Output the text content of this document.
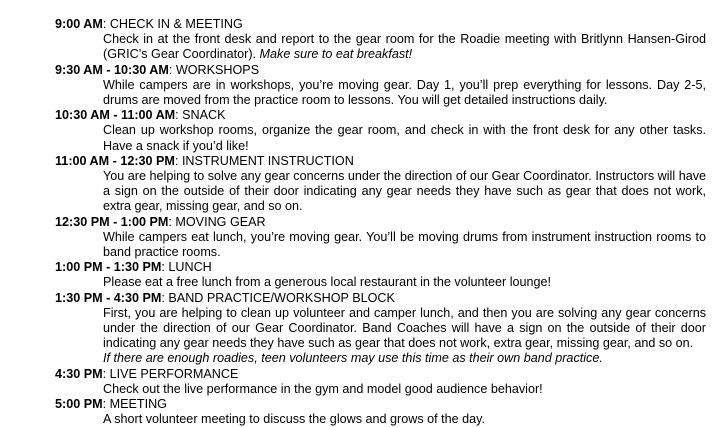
9:00 AM: CHECK IN & MEETING
Check in at the front desk and report to the gear room for the Roadie meeting with Britlynn Hansen-Girod (GRIC’s Gear Coordinator). Make sure to eat breakfast!
9:30 AM - 10:30 AM: WORKSHOPS
While campers are in workshops, you’re moving gear. Day 1, you’ll prep everything for lessons. Day 2-5, drums are moved from the practice room to lessons. You will get detailed instructions daily.
10:30 AM - 11:00 AM: SNACK
Clean up workshop rooms, organize the gear room, and check in with the front desk for any other tasks. Have a snack if you’d like!
11:00 AM - 12:30 PM: INSTRUMENT INSTRUCTION
You are helping to solve any gear concerns under the direction of our Gear Coordinator. Instructors will have a sign on the outside of their door indicating any gear needs they have such as gear that does not work, extra gear, missing gear, and so on.
12:30 PM - 1:00 PM: MOVING GEAR
While campers eat lunch, you’re moving gear. You’ll be moving drums from instrument instruction rooms to band practice rooms.
1:00 PM - 1:30 PM: LUNCH
Please eat a free lunch from a generous local restaurant in the volunteer lounge!
1:30 PM - 4:30 PM: BAND PRACTICE/WORKSHOP BLOCK
First, you are helping to clean up volunteer and camper lunch, and then you are solving any gear concerns under the direction of our Gear Coordinator. Band Coaches will have a sign on the outside of their door indicating any gear needs they have such as gear that does not work, extra gear, missing gear, and so on.
If there are enough roadies, teen volunteers may use this time as their own band practice.
4:30 PM: LIVE PERFORMANCE
Check out the live performance in the gym and model good audience behavior!
5:00 PM: MEETING
A short volunteer meeting to discuss the glows and grows of the day.
